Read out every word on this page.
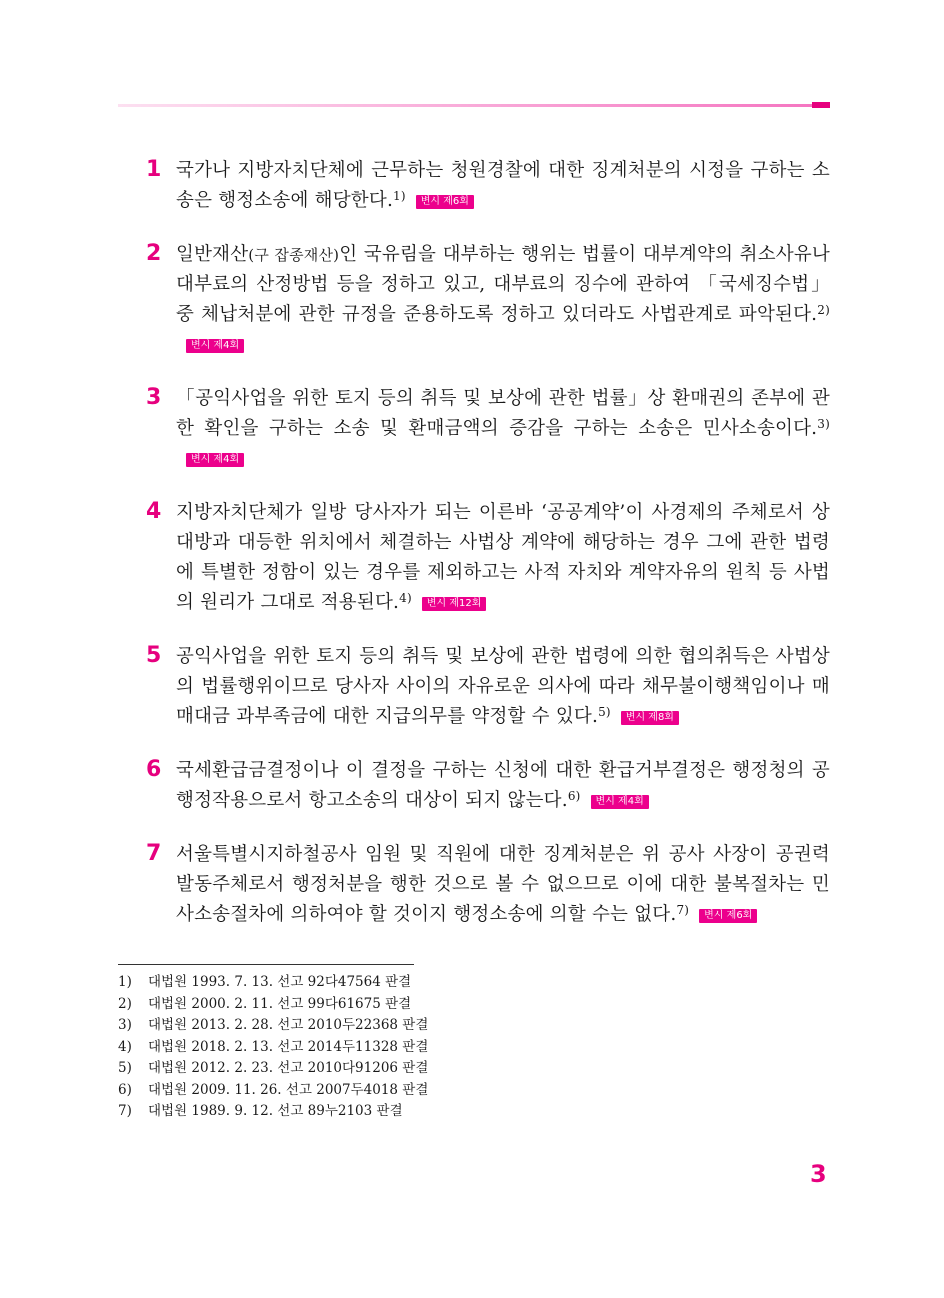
1 국가나 지방자치단체에 근무하는 청원경찰에 대한 징계처분의 시정을 구하는 소송은 행정소송에 해당한다.$^{1)}$ 변시 제6회
2 일반재산(구 잡종재산)인 국유림을 대부하는 행위는 법률이 대부계약의 취소사유나 대부료의 산정방법 등을 정하고 있고, 대부료의 징수에 관하여 「국세징수법」 중 체납처분에 관한 규정을 준용하도록 정하고 있더라도 사법관계로 파악된다.$^{2)}$변시 제4회
3 「공익사업을 위한 토지 등의 취득 및 보상에 관한 법률」상 환매권의 존부에 관한 확인을 구하는 소송 및 환매금액의 증감을 구하는 소송은 민사소송이다.$^{3)}$변시 제4회
4 지방자치단체가 일방 당사자가 되는 이른바 ‘공공계약’이 사경제의 주체로서 상대방과 대등한 위치에서 체결하는 사법상 계약에 해당하는 경우 그에 관한 법령에 특별한 정함이 있는 경우를 제외하고는 사적 자치와 계약자유의 원칙 등 사법의 원리가 그대로 적용된다.$^{4)}$ 변시 제12회
5 공익사업을 위한 토지 등의 취득 및 보상에 관한 법령에 의한 협의취득은 사법상의 법률행위이므로 당사자 사이의 자유로운 의사에 따라 채무불이행책임이나 매매대금 과부족금에 대한 지급의무를 약정할 수 있다.$^{5)}$ 변시 제8회
6 국세환급금결정이나 이 결정을 구하는 신청에 대한 환급거부결정은 행정청의 공행정작용으로서 항고소송의 대상이 되지 않는다.$^{6)}$ 변시 제4회
7 서울특별시지하철공사 임원 및 직원에 대한 징계처분은 위 공사 사장이 공권력 발동주체로서 행정처분을 행한 것으로 볼 수 없으므로 이에 대한 불복절차는 민사소송절차에 의하여야 할 것이지 행정소송에 의할 수는 없다.$^{7)}$ 변시 제6회
1) 대법원 1993. 7. 13. 선고 92다47564 판결
2) 대법원 2000. 2. 11. 선고 99다61675 판결
3) 대법원 2013. 2. 28. 선고 2010두22368 판결
4) 대법원 2018. 2. 13. 선고 2014두11328 판결
5) 대법원 2012. 2. 23. 선고 2010다91206 판결
6) 대법원 2009. 11. 26. 선고 2007두4018 판결
7) 대법원 1989. 9. 12. 선고 89누2103 판결
3
